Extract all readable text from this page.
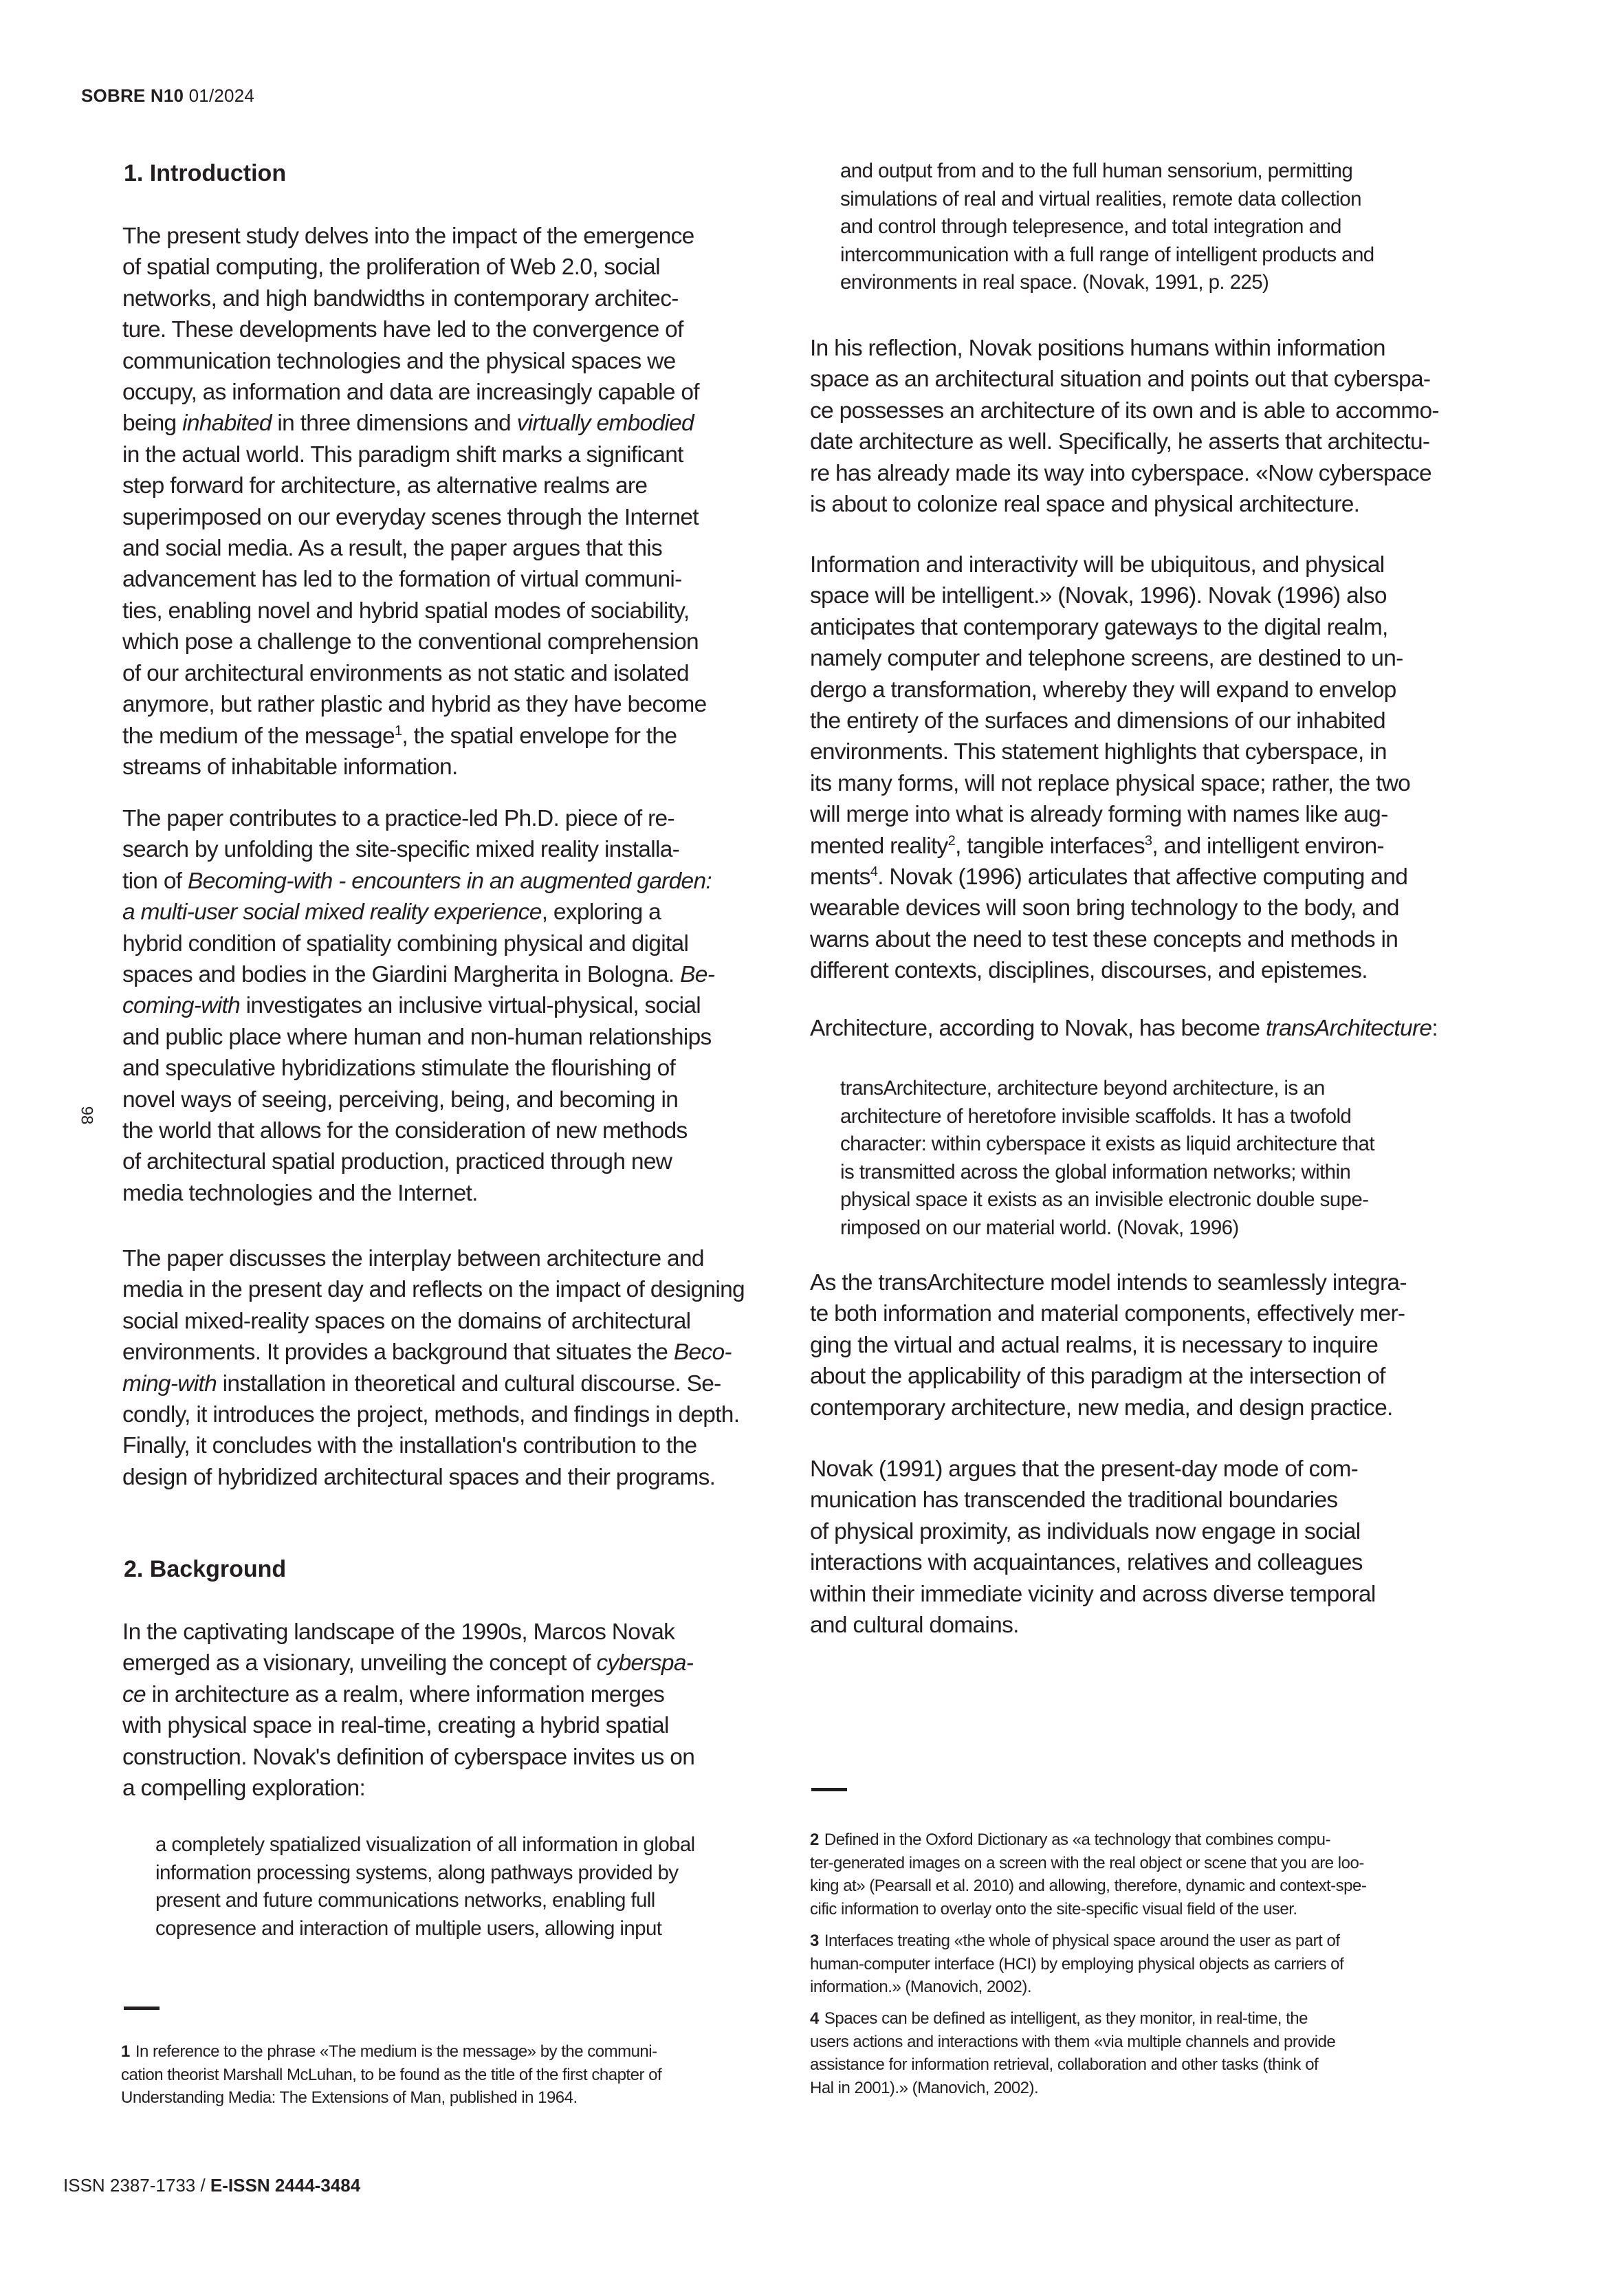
SOBRE N10 01/2024
98
1. Introduction
The present study delves into the impact of the emergence
of spatial computing, the proliferation of Web 2.0, social
networks, and high bandwidths in contemporary architec-
ture. These developments have led to the convergence of
communication technologies and the physical spaces we
occupy, as information and data are increasingly capable of
being inhabited in three dimensions and virtually embodied
in the actual world. This paradigm shift marks a significant
step forward for architecture, as alternative realms are
superimposed on our everyday scenes through the Internet
and social media. As a result, the paper argues that this
advancement has led to the formation of virtual communi-
ties, enabling novel and hybrid spatial modes of sociability,
which pose a challenge to the conventional comprehension
of our architectural environments as not static and isolated
anymore, but rather plastic and hybrid as they have become
the medium of the message$^1$, the spatial envelope for the
streams of inhabitable information.
The paper contributes to a practice-led Ph.D. piece of re-
search by unfolding the site-specific mixed reality installa-
tion of Becoming-with - encounters in an augmented garden:
a multi-user social mixed reality experience, exploring a
hybrid condition of spatiality combining physical and digital
spaces and bodies in the Giardini Margherita in Bologna. Be-
coming-with investigates an inclusive virtual-physical, social
and public place where human and non-human relationships
and speculative hybridizations stimulate the flourishing of
novel ways of seeing, perceiving, being, and becoming in
the world that allows for the consideration of new methods
of architectural spatial production, practiced through new
media technologies and the Internet.
The paper discusses the interplay between architecture and
media in the present day and reflects on the impact of designing
social mixed-reality spaces on the domains of architectural
environments. It provides a background that situates the Beco-
ming-with installation in theoretical and cultural discourse. Se-
condly, it introduces the project, methods, and findings in depth.
Finally, it concludes with the installation's contribution to the
design of hybridized architectural spaces and their programs.
2. Background
In the captivating landscape of the 1990s, Marcos Novak
emerged as a visionary, unveiling the concept of cyberspa-
ce in architecture as a realm, where information merges
with physical space in real-time, creating a hybrid spatial
construction. Novak's definition of cyberspace invites us on
a compelling exploration:
a completely spatialized visualization of all information in global
information processing systems, along pathways provided by
present and future communications networks, enabling full
copresence and interaction of multiple users, allowing input
1 In reference to the phrase «The medium is the message» by the communi-
cation theorist Marshall McLuhan, to be found as the title of the first chapter of
Understanding Media: The Extensions of Man, published in 1964.
and output from and to the full human sensorium, permitting
simulations of real and virtual realities, remote data collection
and control through telepresence, and total integration and
intercommunication with a full range of intelligent products and
environments in real space. (Novak, 1991, p. 225)
In his reflection, Novak positions humans within information
space as an architectural situation and points out that cyberspa-
ce possesses an architecture of its own and is able to accommo-
date architecture as well. Specifically, he asserts that architectu-
re has already made its way into cyberspace. «Now cyberspace
is about to colonize real space and physical architecture.
Information and interactivity will be ubiquitous, and physical
space will be intelligent.» (Novak, 1996). Novak (1996) also
anticipates that contemporary gateways to the digital realm,
namely computer and telephone screens, are destined to un-
dergo a transformation, whereby they will expand to envelop
the entirety of the surfaces and dimensions of our inhabited
environments. This statement highlights that cyberspace, in
its many forms, will not replace physical space; rather, the two
will merge into what is already forming with names like aug-
mented reality$^2$, tangible interfaces$^3$, and intelligent environ-
ments$^4$. Novak (1996) articulates that affective computing and
wearable devices will soon bring technology to the body, and
warns about the need to test these concepts and methods in
different contexts, disciplines, discourses, and epistemes.
Architecture, according to Novak, has become transArchitecture:
transArchitecture, architecture beyond architecture, is an
architecture of heretofore invisible scaffolds. It has a twofold
character: within cyberspace it exists as liquid architecture that
is transmitted across the global information networks; within
physical space it exists as an invisible electronic double supe-
rimposed on our material world. (Novak, 1996)
As the transArchitecture model intends to seamlessly integra-
te both information and material components, effectively mer-
ging the virtual and actual realms, it is necessary to inquire
about the applicability of this paradigm at the intersection of
contemporary architecture, new media, and design practice.
Novak (1991) argues that the present-day mode of com-
munication has transcended the traditional boundaries
of physical proximity, as individuals now engage in social
interactions with acquaintances, relatives and colleagues
within their immediate vicinity and across diverse temporal
and cultural domains.
2 Defined in the Oxford Dictionary as «a technology that combines compu-
ter-generated images on a screen with the real object or scene that you are loo-
king at» (Pearsall et al. 2010) and allowing, therefore, dynamic and context-spe-
cific information to overlay onto the site-specific visual field of the user.
3 Interfaces treating «the whole of physical space around the user as part of
human-computer interface (HCI) by employing physical objects as carriers of
information.» (Manovich, 2002).
4 Spaces can be defined as intelligent, as they monitor, in real-time, the
users actions and interactions with them «via multiple channels and provide
assistance for information retrieval, collaboration and other tasks (think of
Hal in 2001).» (Manovich, 2002).
ISSN 2387-1733 / E-ISSN 2444-3484
